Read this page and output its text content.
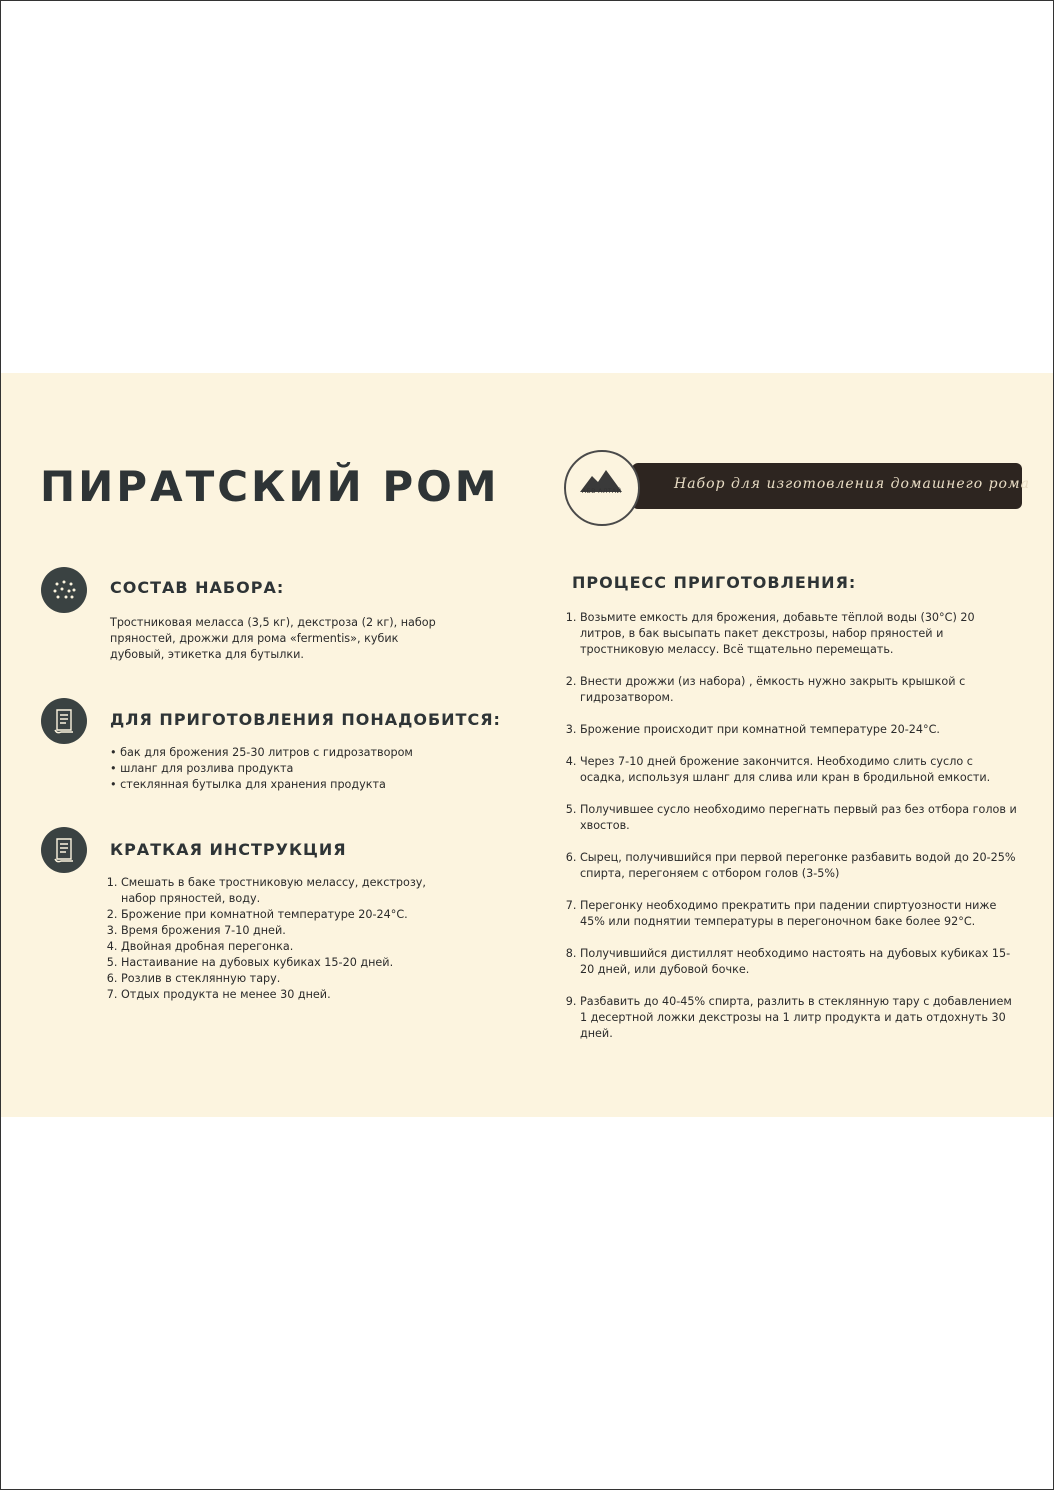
ПИРАТСКИЙ РОМ	Набор для изготовления домашнего рома
АБВ АЛТАЙ
СОСТАВ НАБОРА:

Тростниковая меласса (3,5 кг), декстроза (2 кг), набор

пряностей, дрожжи для рома «fermentis», кубик

дубовый, этикетка для бутылки.

ДЛЯ ПРИГОТОВЛЕНИЯ ПОНАДОБИТСЯ:
• бак для брожения 25-30 литров с гидрозатвором
• шланг для розлива продукта
• стеклянная бутылка для хранения продукта
КРАТКАЯ ИНСТРУКЦИЯ
1. Смешать в баке тростниковую мелассу, декстрозу, набор пряностей, воду.
2. Брожение при комнатной температуре 20-24°С.
3. Время брожения 7-10 дней.
4. Двойная дробная перегонка.
5. Настаивание на дубовых кубиках 15-20 дней.
6. Розлив в стеклянную тару.
7. Отдых продукта не менее 30 дней.
ПРОЦЕСС ПРИГОТОВЛЕНИЯ:
1. Возьмите емкость для брожения, добавьте тёплой воды (30°С) 20 литров, в бак высыпать пакет декстрозы, набор пряностей и тростниковую мелассу. Всё тщательно перемещать.
2. Внести дрожжи (из набора) , ёмкость нужно закрыть крышкой с гидрозатвором.
3. Брожение происходит при комнатной температуре 20-24°С.
4. Через 7-10 дней брожение закончится. Необходимо слить сусло с осадка, используя шланг для слива или кран в бродильной емкости.
5. Получившее сусло необходимо перегнать первый раз без отбора голов и хвостов.
6. Сырец, получившийся при первой перегонке разбавить водой до 20-25% спирта, перегоняем с отбором голов (3-5%)
7. Перегонку необходимо прекратить при падении спиртуозности ниже 45% или поднятии температуры в перегоночном баке более 92°С.
8. Получившийся дистиллят необходимо настоять на дубовых кубиках 15-20 дней, или дубовой бочке.
9. Разбавить до 40-45% спирта, разлить в стеклянную тару с добавлением 1 десертной ложки декстрозы на 1 литр продукта и дать отдохнуть 30 дней.
